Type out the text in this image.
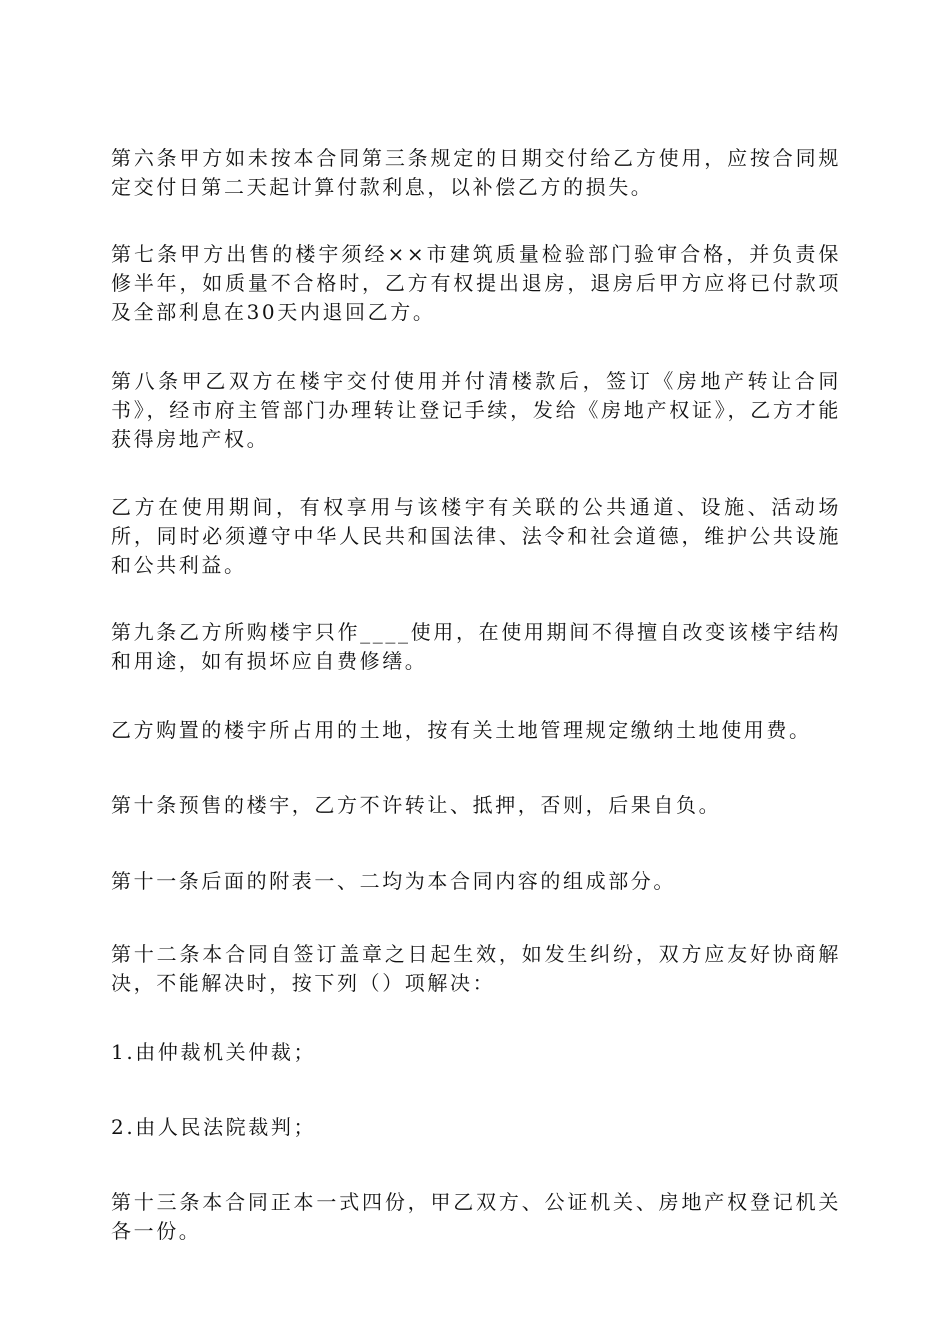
第六条甲方如未按本合同第三条规定的日期交付给乙方使用，应按合同规定交付日第二天起计算付款利息，以补偿乙方的损失。

第七条甲方出售的楼宇须经××市建筑质量检验部门验审合格，并负责保修半年，如质量不合格时，乙方有权提出退房，退房后甲方应将已付款项及全部利息在30天内退回乙方。

第八条甲乙双方在楼宇交付使用并付清楼款后，签订《房地产转让合同书》，经市府主管部门办理转让登记手续，发给《房地产权证》，乙方才能获得房地产权。

乙方在使用期间，有权享用与该楼宇有关联的公共通道、设施、活动场所，同时必须遵守中华人民共和国法律、法令和社会道德，维护公共设施和公共利益。

第九条乙方所购楼宇只作____使用，在使用期间不得擅自改变该楼宇结构和用途，如有损坏应自费修缮。

乙方购置的楼宇所占用的土地，按有关土地管理规定缴纳土地使用费。

第十条预售的楼宇，乙方不许转让、抵押，否则，后果自负。

第十一条后面的附表一、二均为本合同内容的组成部分。

第十二条本合同自签订盖章之日起生效，如发生纠纷，双方应友好协商解决，不能解决时，按下列（）项解决：

1.由仲裁机关仲裁；

2.由人民法院裁判；

第十三条本合同正本一式四份，甲乙双方、公证机关、房地产权登记机关各一份。
